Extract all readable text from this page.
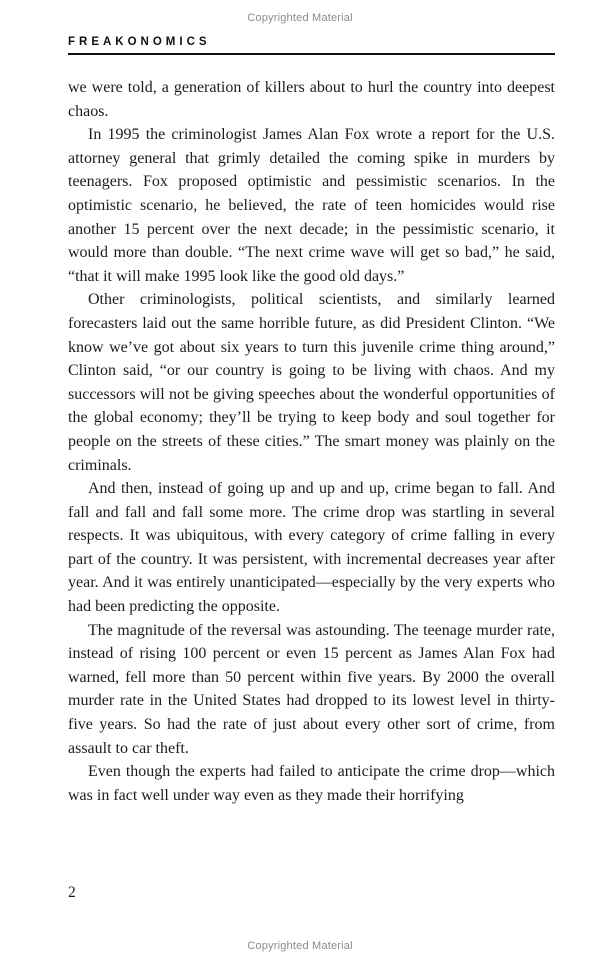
Copyrighted Material
FREAKONOMICS

we were told, a generation of killers about to hurl the country into deepest chaos.

In 1995 the criminologist James Alan Fox wrote a report for the U.S. attorney general that grimly detailed the coming spike in murders by teenagers. Fox proposed optimistic and pessimistic scenarios. In the optimistic scenario, he believed, the rate of teen homicides would rise another 15 percent over the next decade; in the pessimistic scenario, it would more than double. “The next crime wave will get so bad,” he said, “that it will make 1995 look like the good old days.”

Other criminologists, political scientists, and similarly learned forecasters laid out the same horrible future, as did President Clinton. “We know we’ve got about six years to turn this juvenile crime thing around,” Clinton said, “or our country is going to be living with chaos. And my successors will not be giving speeches about the wonderful opportunities of the global economy; they’ll be trying to keep body and soul together for people on the streets of these cities.” The smart money was plainly on the criminals.

And then, instead of going up and up and up, crime began to fall. And fall and fall and fall some more. The crime drop was startling in several respects. It was ubiquitous, with every category of crime falling in every part of the country. It was persistent, with incremental decreases year after year. And it was entirely unanticipated—especially by the very experts who had been predicting the opposite.

The magnitude of the reversal was astounding. The teenage murder rate, instead of rising 100 percent or even 15 percent as James Alan Fox had warned, fell more than 50 percent within five years. By 2000 the overall murder rate in the United States had dropped to its lowest level in thirty-five years. So had the rate of just about every other sort of crime, from assault to car theft.

Even though the experts had failed to anticipate the crime drop—which was in fact well under way even as they made their horrifying

2
Copyrighted Material
